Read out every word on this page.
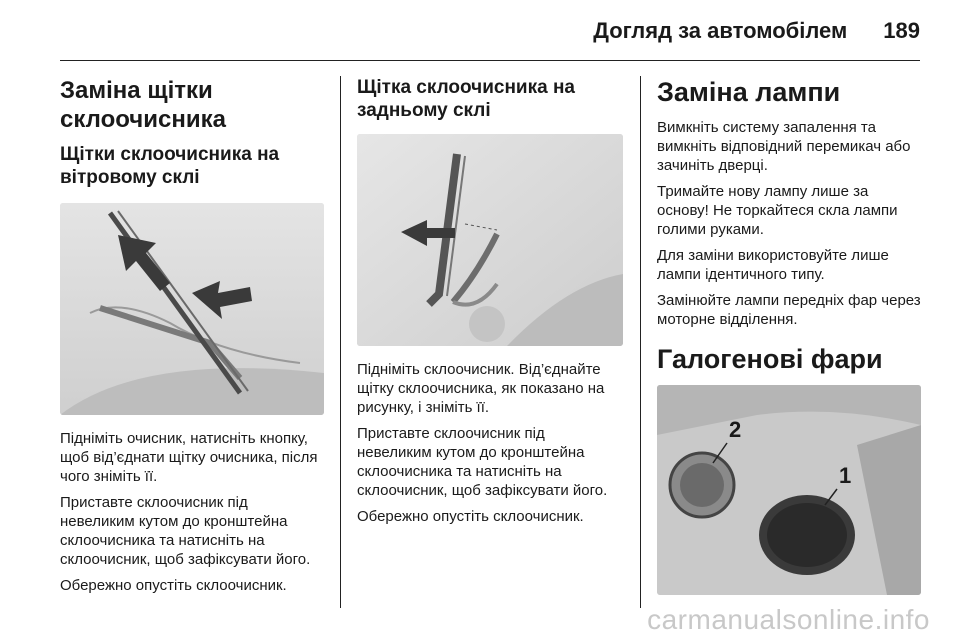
Догляд за автомобілем 189
Заміна щітки склоочисника
Щітки склоочисника на вітровому склі

Підніміть очисник, натисніть кнопку, щоб від’єднати щітку очисника, після чого зніміть її.

Приставте склоочисник під невеликим кутом до кронштейна склоочисника та натисніть на склоочисник, щоб зафіксувати його.

Обережно опустіть склоочисник.

Щітка склоочисника на задньому склі

Підніміть склоочисник. Від’єднайте щітку склоочисника, як показано на рисунку, і зніміть її.

Приставте склоочисник під невеликим кутом до кронштейна склоочисника та натисніть на склоочисник, щоб зафіксувати його.

Обережно опустіть склоочисник.

Заміна лампи

Вимкніть систему запалення та вимкніть відповідний перемикач або зачиніть дверці.

Тримайте нову лампу лише за основу! Не торкайтеся скла лампи голими руками.

Для заміни використовуйте лише лампи ідентичного типу.

Замінюйте лампи передніх фар через моторне відділення.

Галогенові фари
2
1
carmanualsonline.info
